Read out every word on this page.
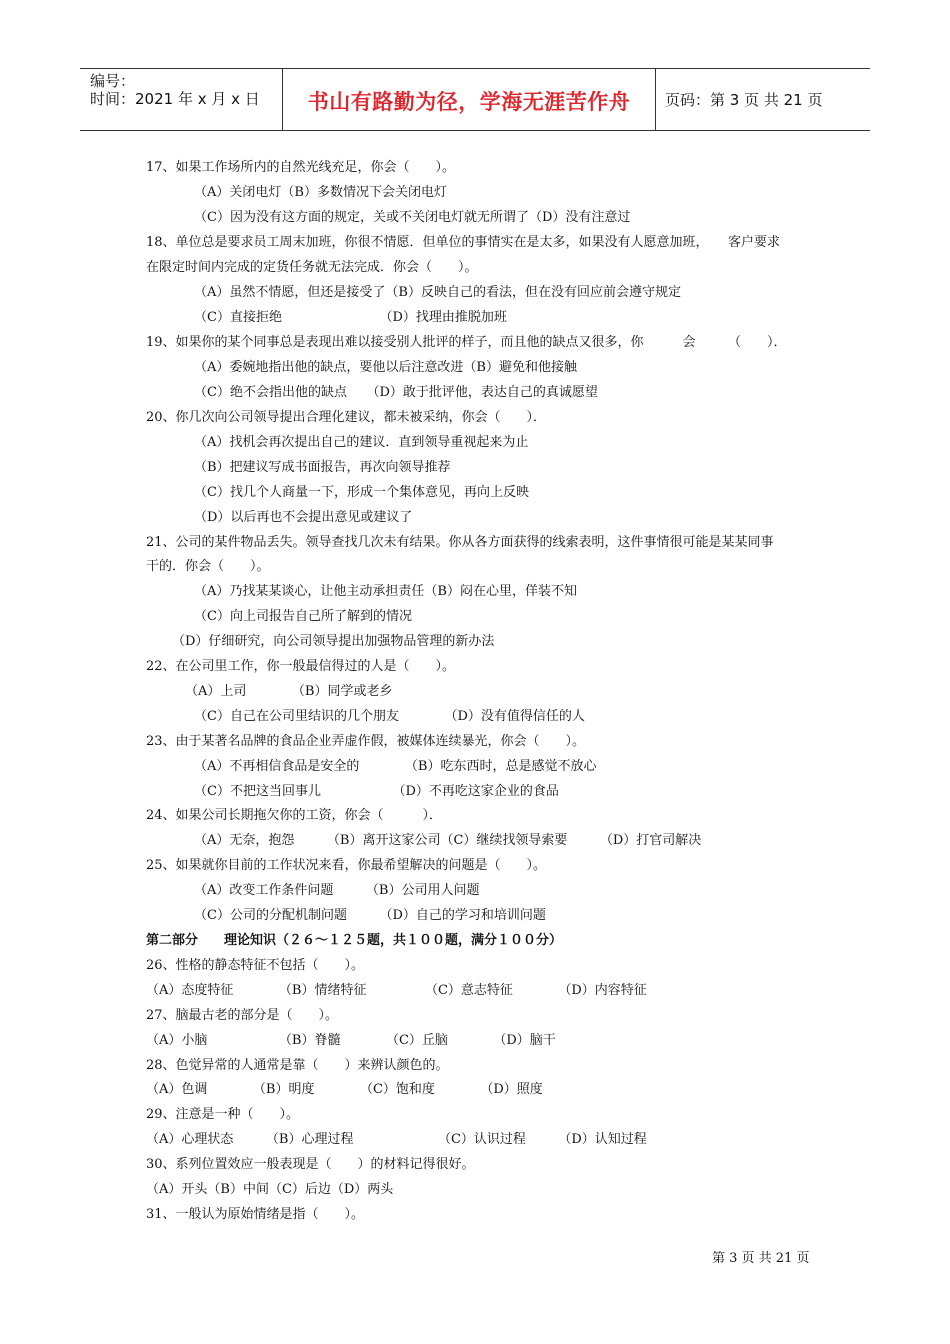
编号：
时间：2021 年 x 月 x 日	书山有路勤为径，学海无涯苦作舟	页码：第 3 页 共 21 页
17、如果工作场所内的自然光线充足，你会（　　）。
（A）关闭电灯（B）多数情况下会关闭电灯
（C）因为没有这方面的规定，关或不关闭电灯就无所谓了（D）没有注意过
18、单位总是要求员工周末加班，你很不情愿．但单位的事情实在是太多，如果没有人愿意加班，　　客户要求
在限定时间内完成的定货任务就无法完成．你会（　　）。
（A）虽然不情愿，但还是接受了（B）反映自己的看法，但在没有回应前会遵守规定
（C）直接拒绝　　　　　　　　（D）找理由推脱加班
19、如果你的某个同事总是表现出难以接受别人批评的样子，而且他的缺点又很多，你　　　会　　　（　　）．
（A）委婉地指出他的缺点，要他以后注意改进（B）避免和他接触
（C）绝不会指出他的缺点　　（D）敢于批评他，表达自己的真诚愿望
20、你几次向公司领导提出合理化建议，都未被采纳，你会（　　）．
（A）找机会再次提出自己的建议．直到领导重视起来为止
（B）把建议写成书面报告，再次向领导推荐
（C）找几个人商量一下，形成一个集体意见，再向上反映
（D）以后再也不会提出意见或建议了
21、公司的某件物品丢失。领导查找几次未有结果。你从各方面获得的线索表明，这件事情很可能是某某同事
干的．你会（　　）。
（A）乃找某某谈心，让他主动承担责任（B）闷在心里，佯装不知
（C）向上司报告自己所了解到的情况
（D）仔细研究，向公司领导提出加强物品管理的新办法
22、在公司里工作，你一般最信得过的人是（　　）。
（A）上司　　　　（B）同学或老乡
（C）自己在公司里结识的几个朋友　　　　（D）没有值得信任的人
23、由于某著名品牌的食品企业弄虚作假，被媒体连续暴光，你会（　　）。
（A）不再相信食品是安全的　　　　（B）吃东西时，总是感觉不放心
（C）不把这当回事儿　　　　　　（D）不再吃这家企业的食品
24、如果公司长期拖欠你的工资，你会（　　　）．
（A）无奈，抱怨　　　（B）离开这家公司（C）继续找领导索要　　　（D）打官司解决
25、如果就你目前的工作状况来看，你最希望解决的问题是（　　）。
（A）改变工作条件问题　　　（B）公司用人问题
（C）公司的分配机制问题　　　（D）自己的学习和培训问题
第二部分　　理论知识（２６～１２５题，共１００题，满分１００分）
26、性格的静态特征不包括（　　）。
（A）态度特征　　　　（B）情绪特征　　　　　（C）意志特征　　　　（D）内容特征
27、脑最古老的部分是（　　）。
（A）小脑　　　　　　（B）脊髓　　　　（C）丘脑　　　　（D）脑干
28、色觉异常的人通常是靠（　　）来辨认颜色的。
（A）色调　　　　（B）明度　　　　（C）饱和度　　　　（D）照度
29、注意是一种（　　）。
（A）心理状态　　　（B）心理过程　　　　　　　（C）认识过程　　　（D）认知过程
30、系列位置效应一般表现是（　　）的材料记得很好。
（A）开头（B）中间（C）后边（D）两头
31、一般认为原始情绪是指（　　）。
第 3 页 共 21 页
